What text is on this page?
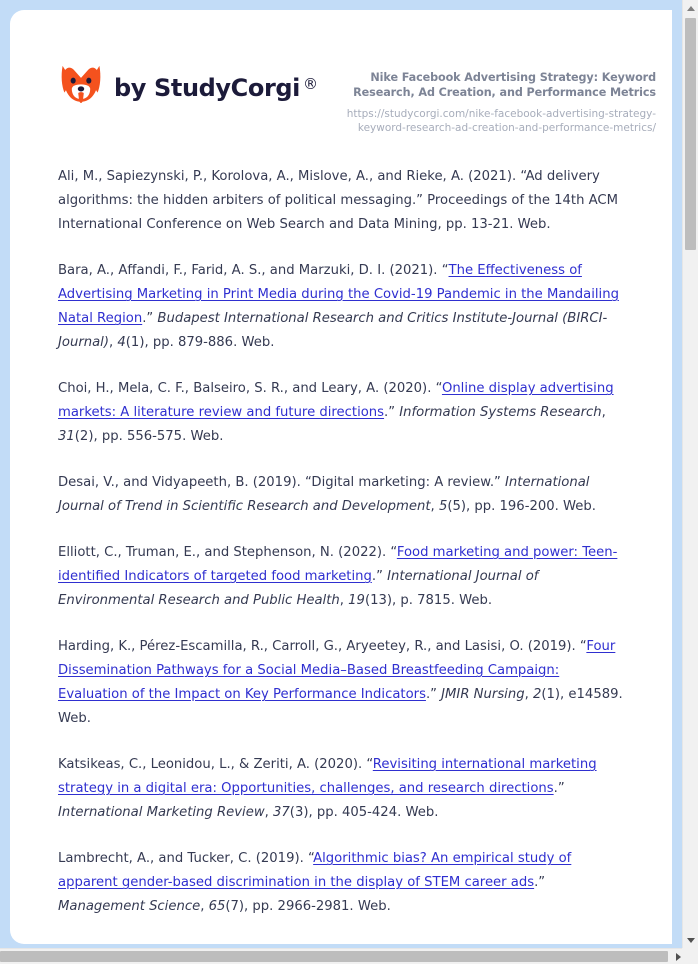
by StudyCorgi ®	Nike Facebook Advertising Strategy: Keyword Research, Ad Creation, and Performance Metrics
https://studycorgi.com/nike-facebook-advertising-strategy-keyword-research-ad-creation-and-performance-metrics/

Ali, M., Sapiezynski, P., Korolova, A., Mislove, A., and Rieke, A. (2021). “Ad delivery algorithms: the hidden arbiters of political messaging.” Proceedings of the 14th ACM International Conference on Web Search and Data Mining, pp. 13-21. Web.

Bara, A., Affandi, F., Farid, A. S., and Marzuki, D. I. (2021). “The Effectiveness of Advertising Marketing in Print Media during the Covid-19 Pandemic in the Mandailing Natal Region.” Budapest International Research and Critics Institute-Journal (BIRCI-Journal), 4(1), pp. 879-886. Web.

Choi, H., Mela, C. F., Balseiro, S. R., and Leary, A. (2020). “Online display advertising markets: A literature review and future directions.” Information Systems Research, 31(2), pp. 556-575. Web.

Desai, V., and Vidyapeeth, B. (2019). “Digital marketing: A review.” International Journal of Trend in Scientific Research and Development, 5(5), pp. 196-200. Web.

Elliott, C., Truman, E., and Stephenson, N. (2022). “Food marketing and power: Teen-identified Indicators of targeted food marketing.” International Journal of Environmental Research and Public Health, 19(13), p. 7815. Web.

Harding, K., Pérez-Escamilla, R., Carroll, G., Aryeetey, R., and Lasisi, O. (2019). “Four Dissemination Pathways for a Social Media–Based Breastfeeding Campaign: Evaluation of the Impact on Key Performance Indicators.” JMIR Nursing, 2(1), e14589. Web.

Katsikeas, C., Leonidou, L., & Zeriti, A. (2020). “Revisiting international marketing strategy in a digital era: Opportunities, challenges, and research directions.” International Marketing Review, 37(3), pp. 405-424. Web.

Lambrecht, A., and Tucker, C. (2019). “Algorithmic bias? An empirical study of apparent gender-based discrimination in the display of STEM career ads.” Management Science, 65(7), pp. 2966-2981. Web.
